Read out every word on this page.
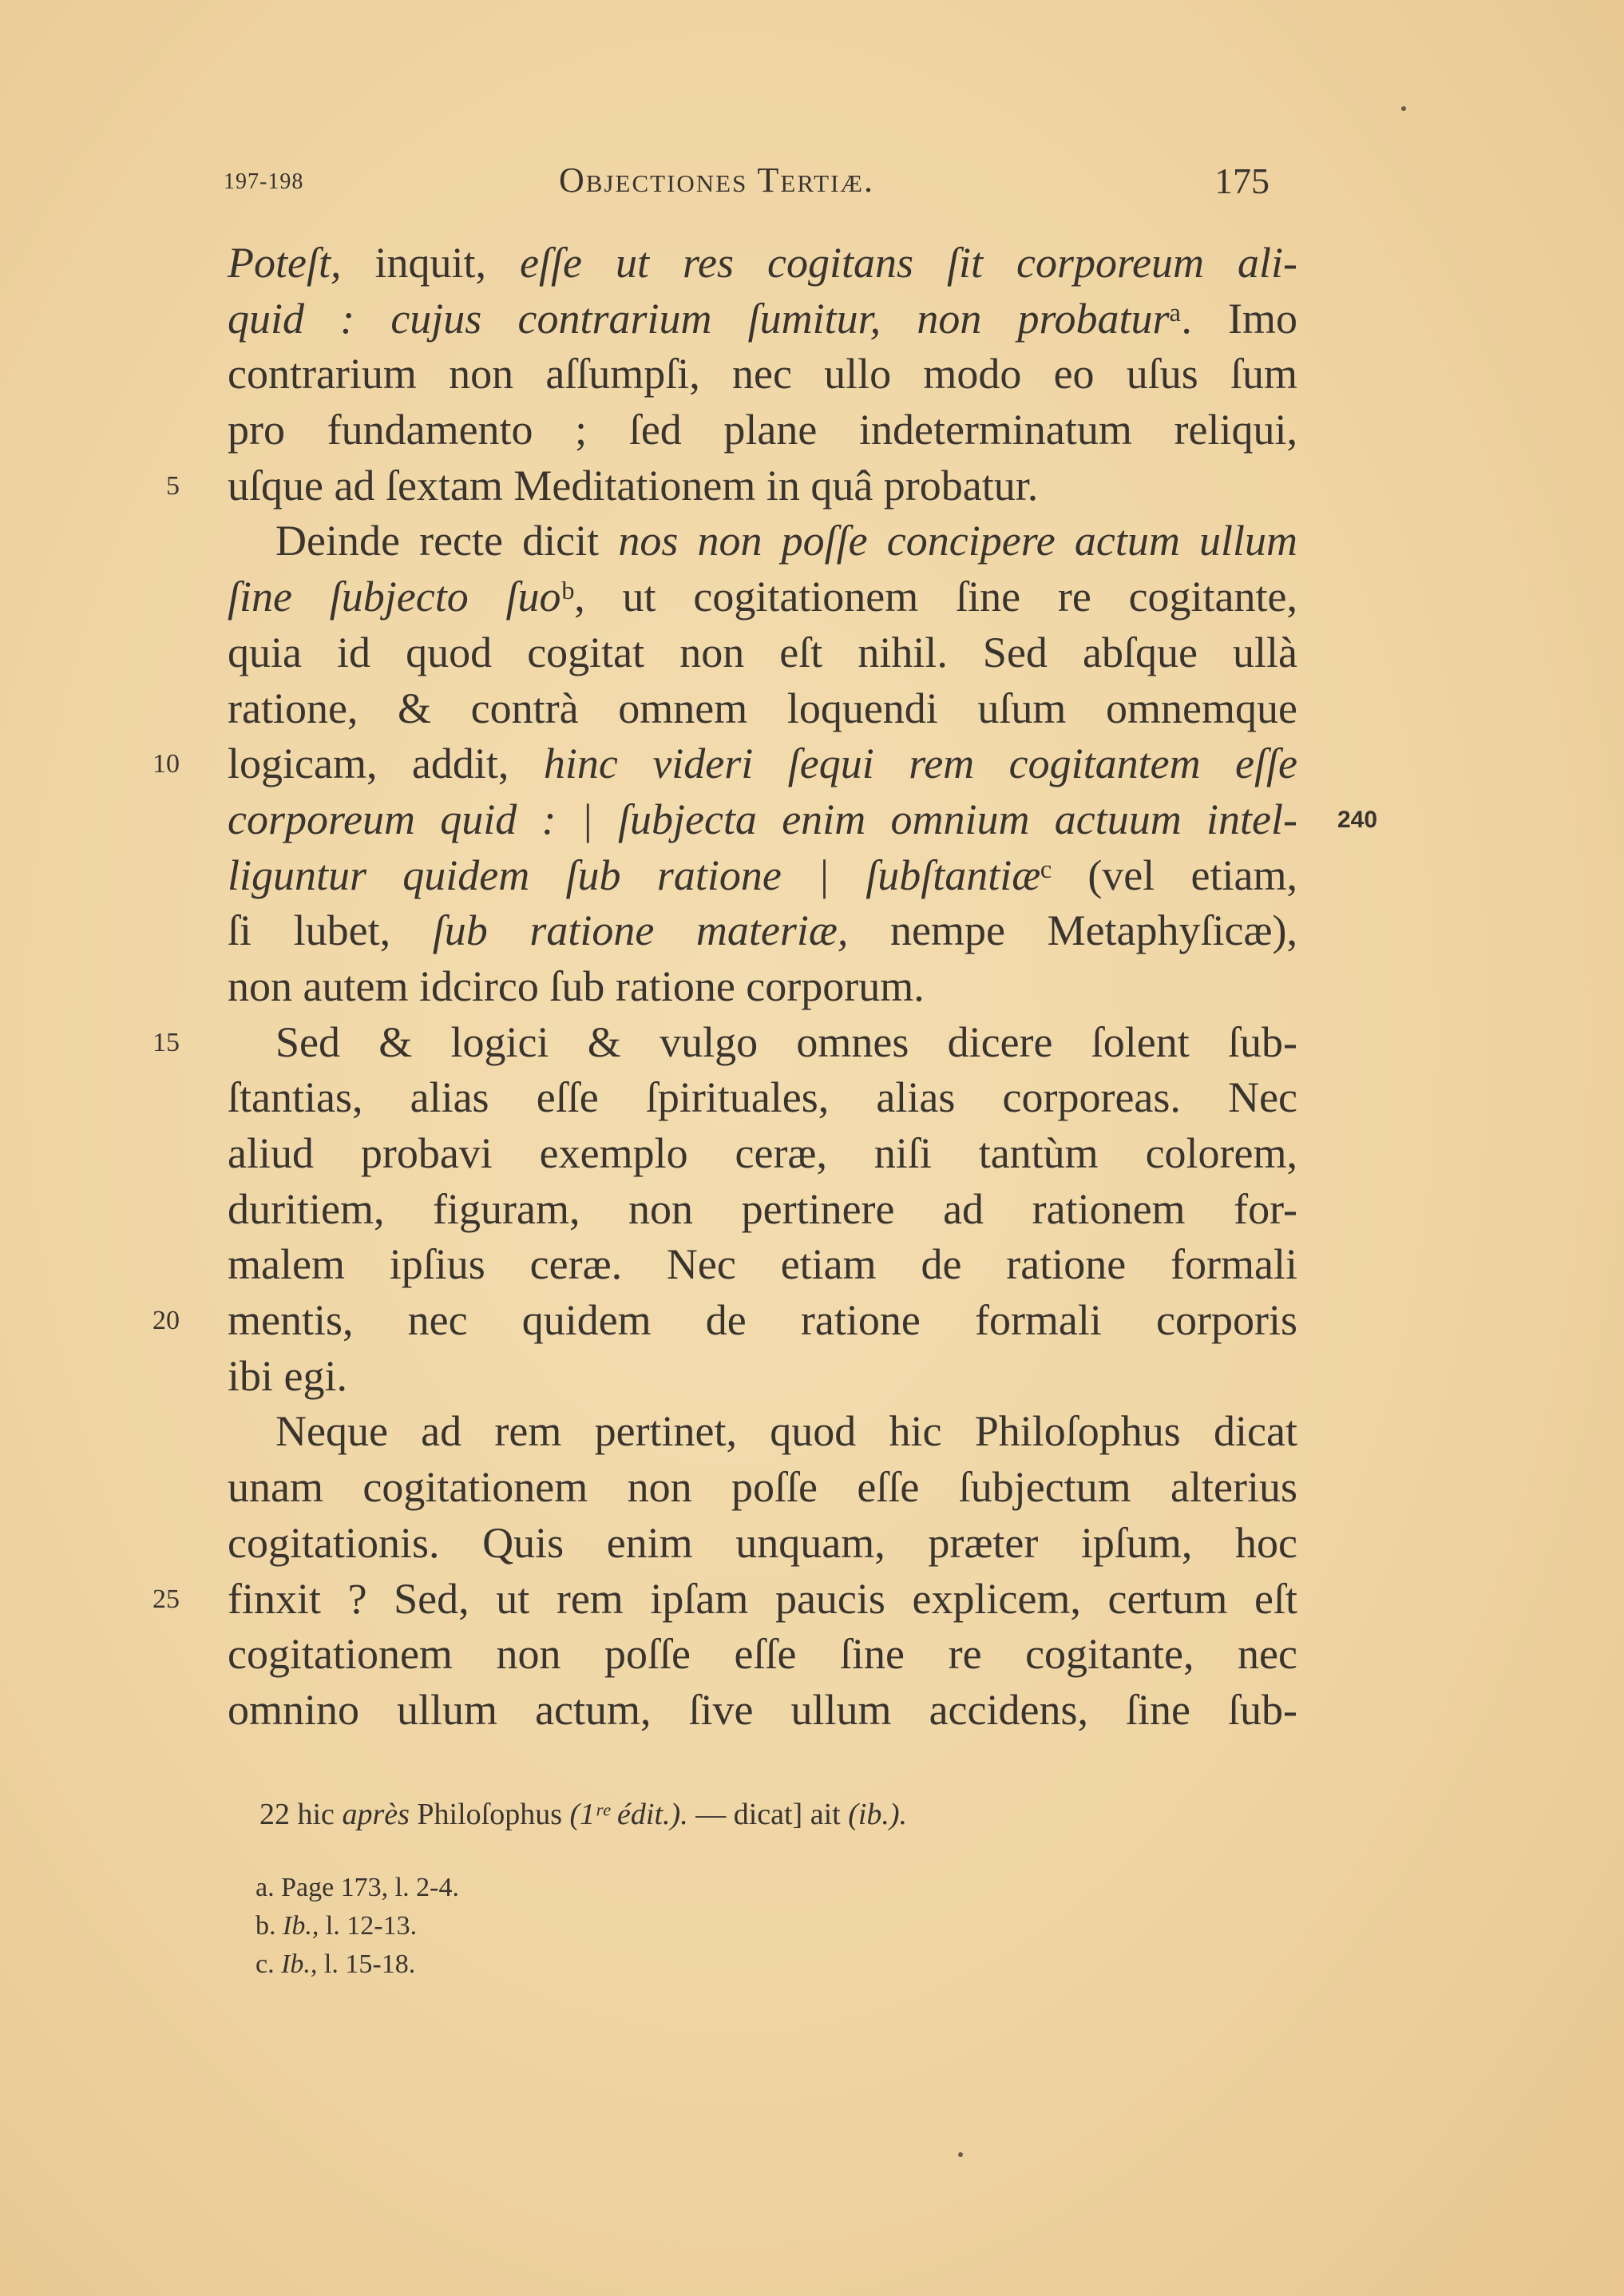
197-198	Objectiones Tertiæ.	175
Poteſt, inquit, eſſe ut res cogitans ſit corporeum ali-
quid : cujus contrarium ſumitur, non probaturᵃ. Imo
contrarium non aſſumpſi, nec ullo modo eo uſus ſum
pro fundamento ; ſed plane indeterminatum reliqui,
5 uſque ad ſextam Meditationem in quâ probatur.
Deinde recte dicit nos non poſſe concipere actum ullum
ſine ſubjecto ſuoᵇ, ut cogitationem ſine re cogitante,
quia id quod cogitat non eſt nihil. Sed abſque ullà
ratione, & contrà omnem loquendi uſum omnemque
10 logicam, addit, hinc videri ſequi rem cogitantem eſſe
corporeum quid : | ſubjecta enim omnium actuum intel- 240
liguntur quidem ſub ratione | ſubſtantiæᶜ (vel etiam,
ſi lubet, ſub ratione materiæ, nempe Metaphyſicæ),
non autem idcirco ſub ratione corporum.
15 Sed & logici & vulgo omnes dicere ſolent ſub-
ſtantias, alias eſſe ſpirituales, alias corporeas. Nec
aliud probavi exemplo ceræ, niſi tantùm colorem,
duritiem, figuram, non pertinere ad rationem for-
malem ipſius ceræ. Nec etiam de ratione formali
20 mentis, nec quidem de ratione formali corporis
ibi egi.
Neque ad rem pertinet, quod hic Philoſophus dicat
unam cogitationem non poſſe eſſe ſubjectum alterius
cogitationis. Quis enim unquam, præter ipſum, hoc
25 finxit ? Sed, ut rem ipſam paucis explicem, certum eſt
cogitationem non poſſe eſſe ſine re cogitante, nec
omnino ullum actum, ſive ullum accidens, ſine ſub-
22 hic après Philoſophus (1ʳᵉ édit.). — dicat] ait (ib.).
a. Page 173, l. 2-4.
b. Ib., l. 12-13.
c. Ib., l. 15-18.
